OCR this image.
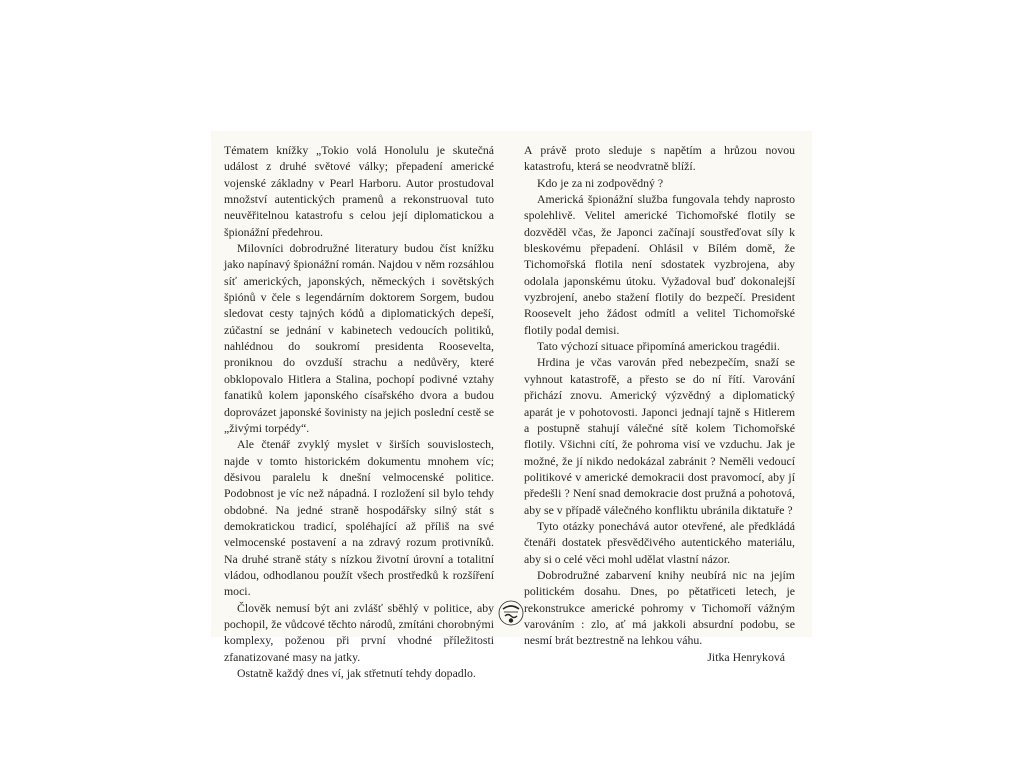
Tématem knížky „Tokio volá Honolulu je skutečná událost z druhé světové války; přepadení americké vojenské základny v Pearl Harboru. Autor prostudoval množství autentických pramenů a rekonstruoval tuto neuvěřitelnou katastrofu s celou její diplomatickou a špionážní předehrou.

Milovníci dobrodružné literatury budou číst knížku jako napínavý špionážní román. Najdou v něm rozsáhlou síť amerických, japonských, německých i sovětských špiónů v čele s legendárním doktorem Sorgem, budou sledovat cesty tajných kódů a diplomatických depeší, zúčastní se jednání v kabinetech vedoucích politiků, nahlédnou do soukromí presidenta Roosevelta, proniknou do ovzduší strachu a nedůvěry, které obklopovalo Hitlera a Stalina, pochopí podivné vztahy fanatiků kolem japonského císařského dvora a budou doprovázet japonské šovinisty na jejich poslední cestě se „živými torpédy“.

Ale čtenář zvyklý myslet v širších souvislostech, najde v tomto historickém dokumentu mnohem víc; děsivou paralelu k dnešní velmocenské politice. Podobnost je víc než nápadná. I rozložení sil bylo tehdy obdobné. Na jedné straně hospodářsky silný stát s demokratickou tradicí, spoléhající až příliš na své velmocenské postavení a na zdravý rozum protivníků. Na druhé straně státy s nízkou životní úrovní a totalitní vládou, odhodlanou použít všech prostředků k rozšíření moci.

Člověk nemusí být ani zvlášť sběhlý v politice, aby pochopil, že vůdcové těchto národů, zmítáni chorobnými komplexy, poženou při první vhodné příležitosti zfanatizované masy na jatky.

Ostatně každý dnes ví, jak střetnutí tehdy dopadlo.

A právě proto sleduje s napětím a hrůzou novou katastrofu, která se neodvratně blíží.

Kdo je za ni zodpovědný ?

Americká špionážní služba fungovala tehdy naprosto spolehlivě. Velitel americké Tichomořské flotily se dozvěděl včas, že Japonci začínají soustřeďovat síly k bleskovému přepadení. Ohlásil v Bílém domě, že Tichomořská flotila není sdostatek vyzbrojena, aby odolala japonskému útoku. Vyžadoval buď dokonalejší vyzbrojení, anebo stažení flotily do bezpečí. President Roosevelt jeho žádost odmítl a velitel Tichomořské flotily podal demisi.

Tato výchozí situace připomíná americkou tragédii.

Hrdina je včas varován před nebezpečím, snaží se vyhnout katastrofě, a přesto se do ní řítí. Varování přichází znovu. Americký výzvědný a diplomatický aparát je v pohotovosti. Japonci jednají tajně s Hitlerem a postupně stahují válečné sítě kolem Tichomořské flotily. Všichni cítí, že pohroma visí ve vzduchu. Jak je možné, že jí nikdo nedokázal zabránit ? Neměli vedoucí politikové v americké demokracii dost pravomocí, aby jí předešli ? Není snad demokracie dost pružná a pohotová, aby se v případě válečného konfliktu ubránila diktatuře ?

Tyto otázky ponechává autor otevřené, ale předkládá čtenáři dostatek přesvědčivého autentického materiálu, aby si o celé věci mohl udělat vlastní názor.

Dobrodružné zabarvení knihy neubírá nic na jejím politickém dosahu. Dnes, po pětatřiceti letech, je rekonstrukce americké pohromy v Tichomoří vážným varováním : zlo, ať má jakkoli absurdní podobu, se nesmí brát beztrestně na lehkou váhu.

Jitka Henryková
